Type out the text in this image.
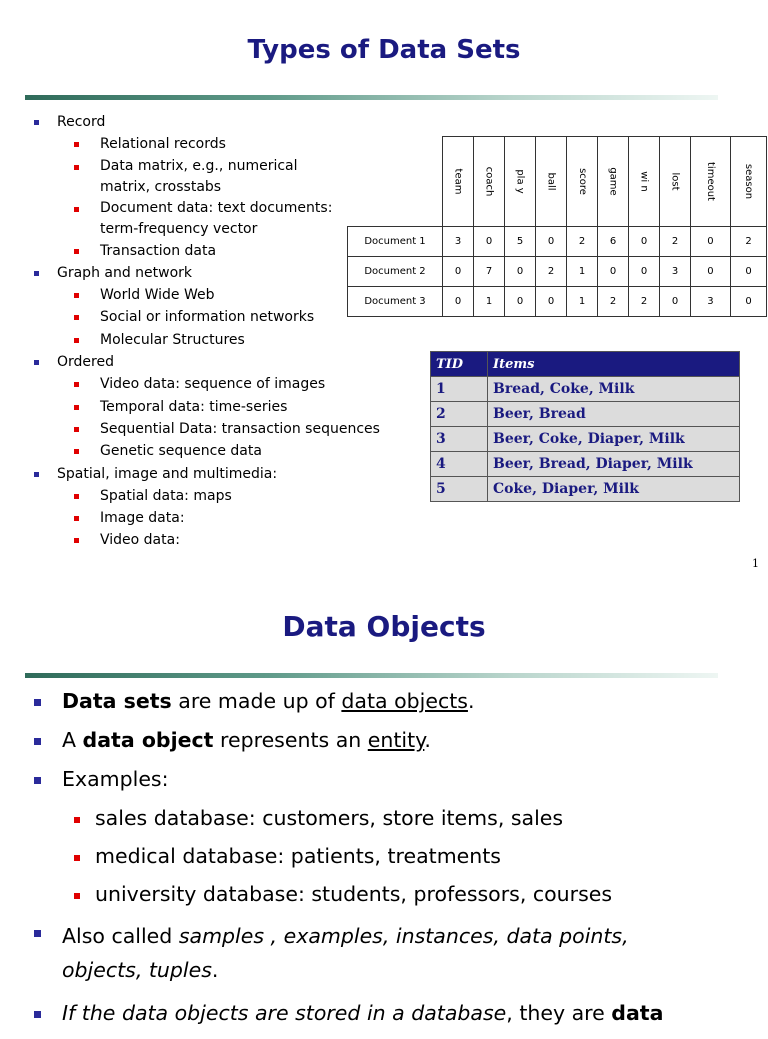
Types of Data Sets
Record
Relational records
Data matrix, e.g., numerical matrix, crosstabs
Document data: text documents: term-frequency vector
Transaction data
Graph and network
World Wide Web
Social or information networks
Molecular Structures
Ordered
Video data: sequence of images
Temporal data: time-series
Sequential Data: transaction sequences
Genetic sequence data
Spatial, image and multimedia:
Spatial data: maps
Image data:
Video data:
	team	coach	pla y	ball	score	game	wi n	lost	timeout	season
Document 1	3	0	5	0	2	6	0	2	0	2
Document 2	0	7	0	2	1	0	0	3	0	0
Document 3	0	1	0	0	1	2	2	0	3	0
TID	Items
1	Bread, Coke, Milk
2	Beer, Bread
3	Beer, Coke, Diaper, Milk
4	Beer, Bread, Diaper, Milk
5	Coke, Diaper, Milk
1
Data Objects
Data sets are made up of data objects.
A data object represents an entity.
Examples:
sales database: customers, store items, sales
medical database: patients, treatments
university database: students, professors, courses
Also called samples , examples, instances, data points, objects, tuples.
If the data objects are stored in a database, they are data
